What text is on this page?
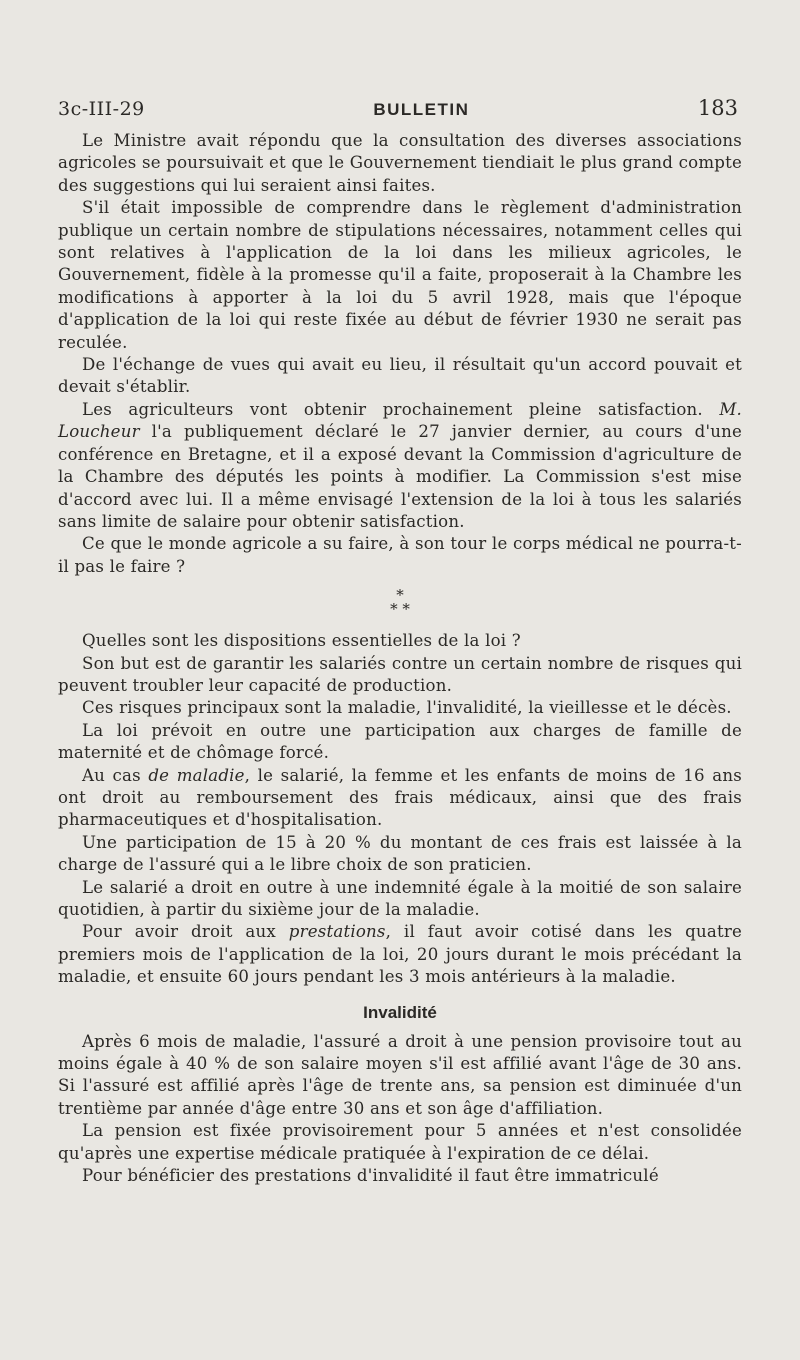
3c-III-29	BULLETIN	183

Le Ministre avait répondu que la consultation des diverses associations agricoles se poursuivait et que le Gouvernement tiendiait le plus grand compte des suggestions qui lui seraient ainsi faites.

S'il était impossible de comprendre dans le règlement d'administration publique un certain nombre de stipulations nécessaires, notamment celles qui sont relatives à l'application de la loi dans les milieux agricoles, le Gouvernement, fidèle à la promesse qu'il a faite, proposerait à la Chambre les modifications à apporter à la loi du 5 avril 1928, mais que l'époque d'application de la loi qui reste fixée au début de février 1930 ne serait pas reculée.

De l'échange de vues qui avait eu lieu, il résultait qu'un accord pouvait et devait s'établir.

Les agriculteurs vont obtenir prochainement pleine satisfaction. M. Loucheur l'a publiquement déclaré le 27 janvier dernier, au cours d'une conférence en Bretagne, et il a exposé devant la Commission d'agriculture de la Chambre des députés les points à modifier. La Commission s'est mise d'accord avec lui. Il a même envisagé l'extension de la loi à tous les salariés sans limite de salaire pour obtenir satisfaction.

Ce que le monde agricole a su faire, à son tour le corps médical ne pourra-t-il pas le faire ?

*
* *

Quelles sont les dispositions essentielles de la loi ?

Son but est de garantir les salariés contre un certain nombre de risques qui peuvent troubler leur capacité de production.

Ces risques principaux sont la maladie, l'invalidité, la vieillesse et le décès.

La loi prévoit en outre une participation aux charges de famille de maternité et de chômage forcé.

Au cas de maladie, le salarié, la femme et les enfants de moins de 16 ans ont droit au remboursement des frais médicaux, ainsi que des frais pharmaceutiques et d'hospitalisation.

Une participation de 15 à 20 % du montant de ces frais est laissée à la charge de l'assuré qui a le libre choix de son praticien.

Le salarié a droit en outre à une indemnité égale à la moitié de son salaire quotidien, à partir du sixième jour de la maladie.

Pour avoir droit aux prestations, il faut avoir cotisé dans les quatre premiers mois de l'application de la loi, 20 jours durant le mois précédant la maladie, et ensuite 60 jours pendant les 3 mois antérieurs à la maladie.

Invalidité

Après 6 mois de maladie, l'assuré a droit à une pension provisoire tout au moins égale à 40 % de son salaire moyen s'il est affilié avant l'âge de 30 ans. Si l'assuré est affilié après l'âge de trente ans, sa pension est diminuée d'un trentième par année d'âge entre 30 ans et son âge d'affiliation.

La pension est fixée provisoirement pour 5 années et n'est consolidée qu'après une expertise médicale pratiquée à l'expiration de ce délai.

Pour bénéficier des prestations d'invalidité il faut être immatriculé
